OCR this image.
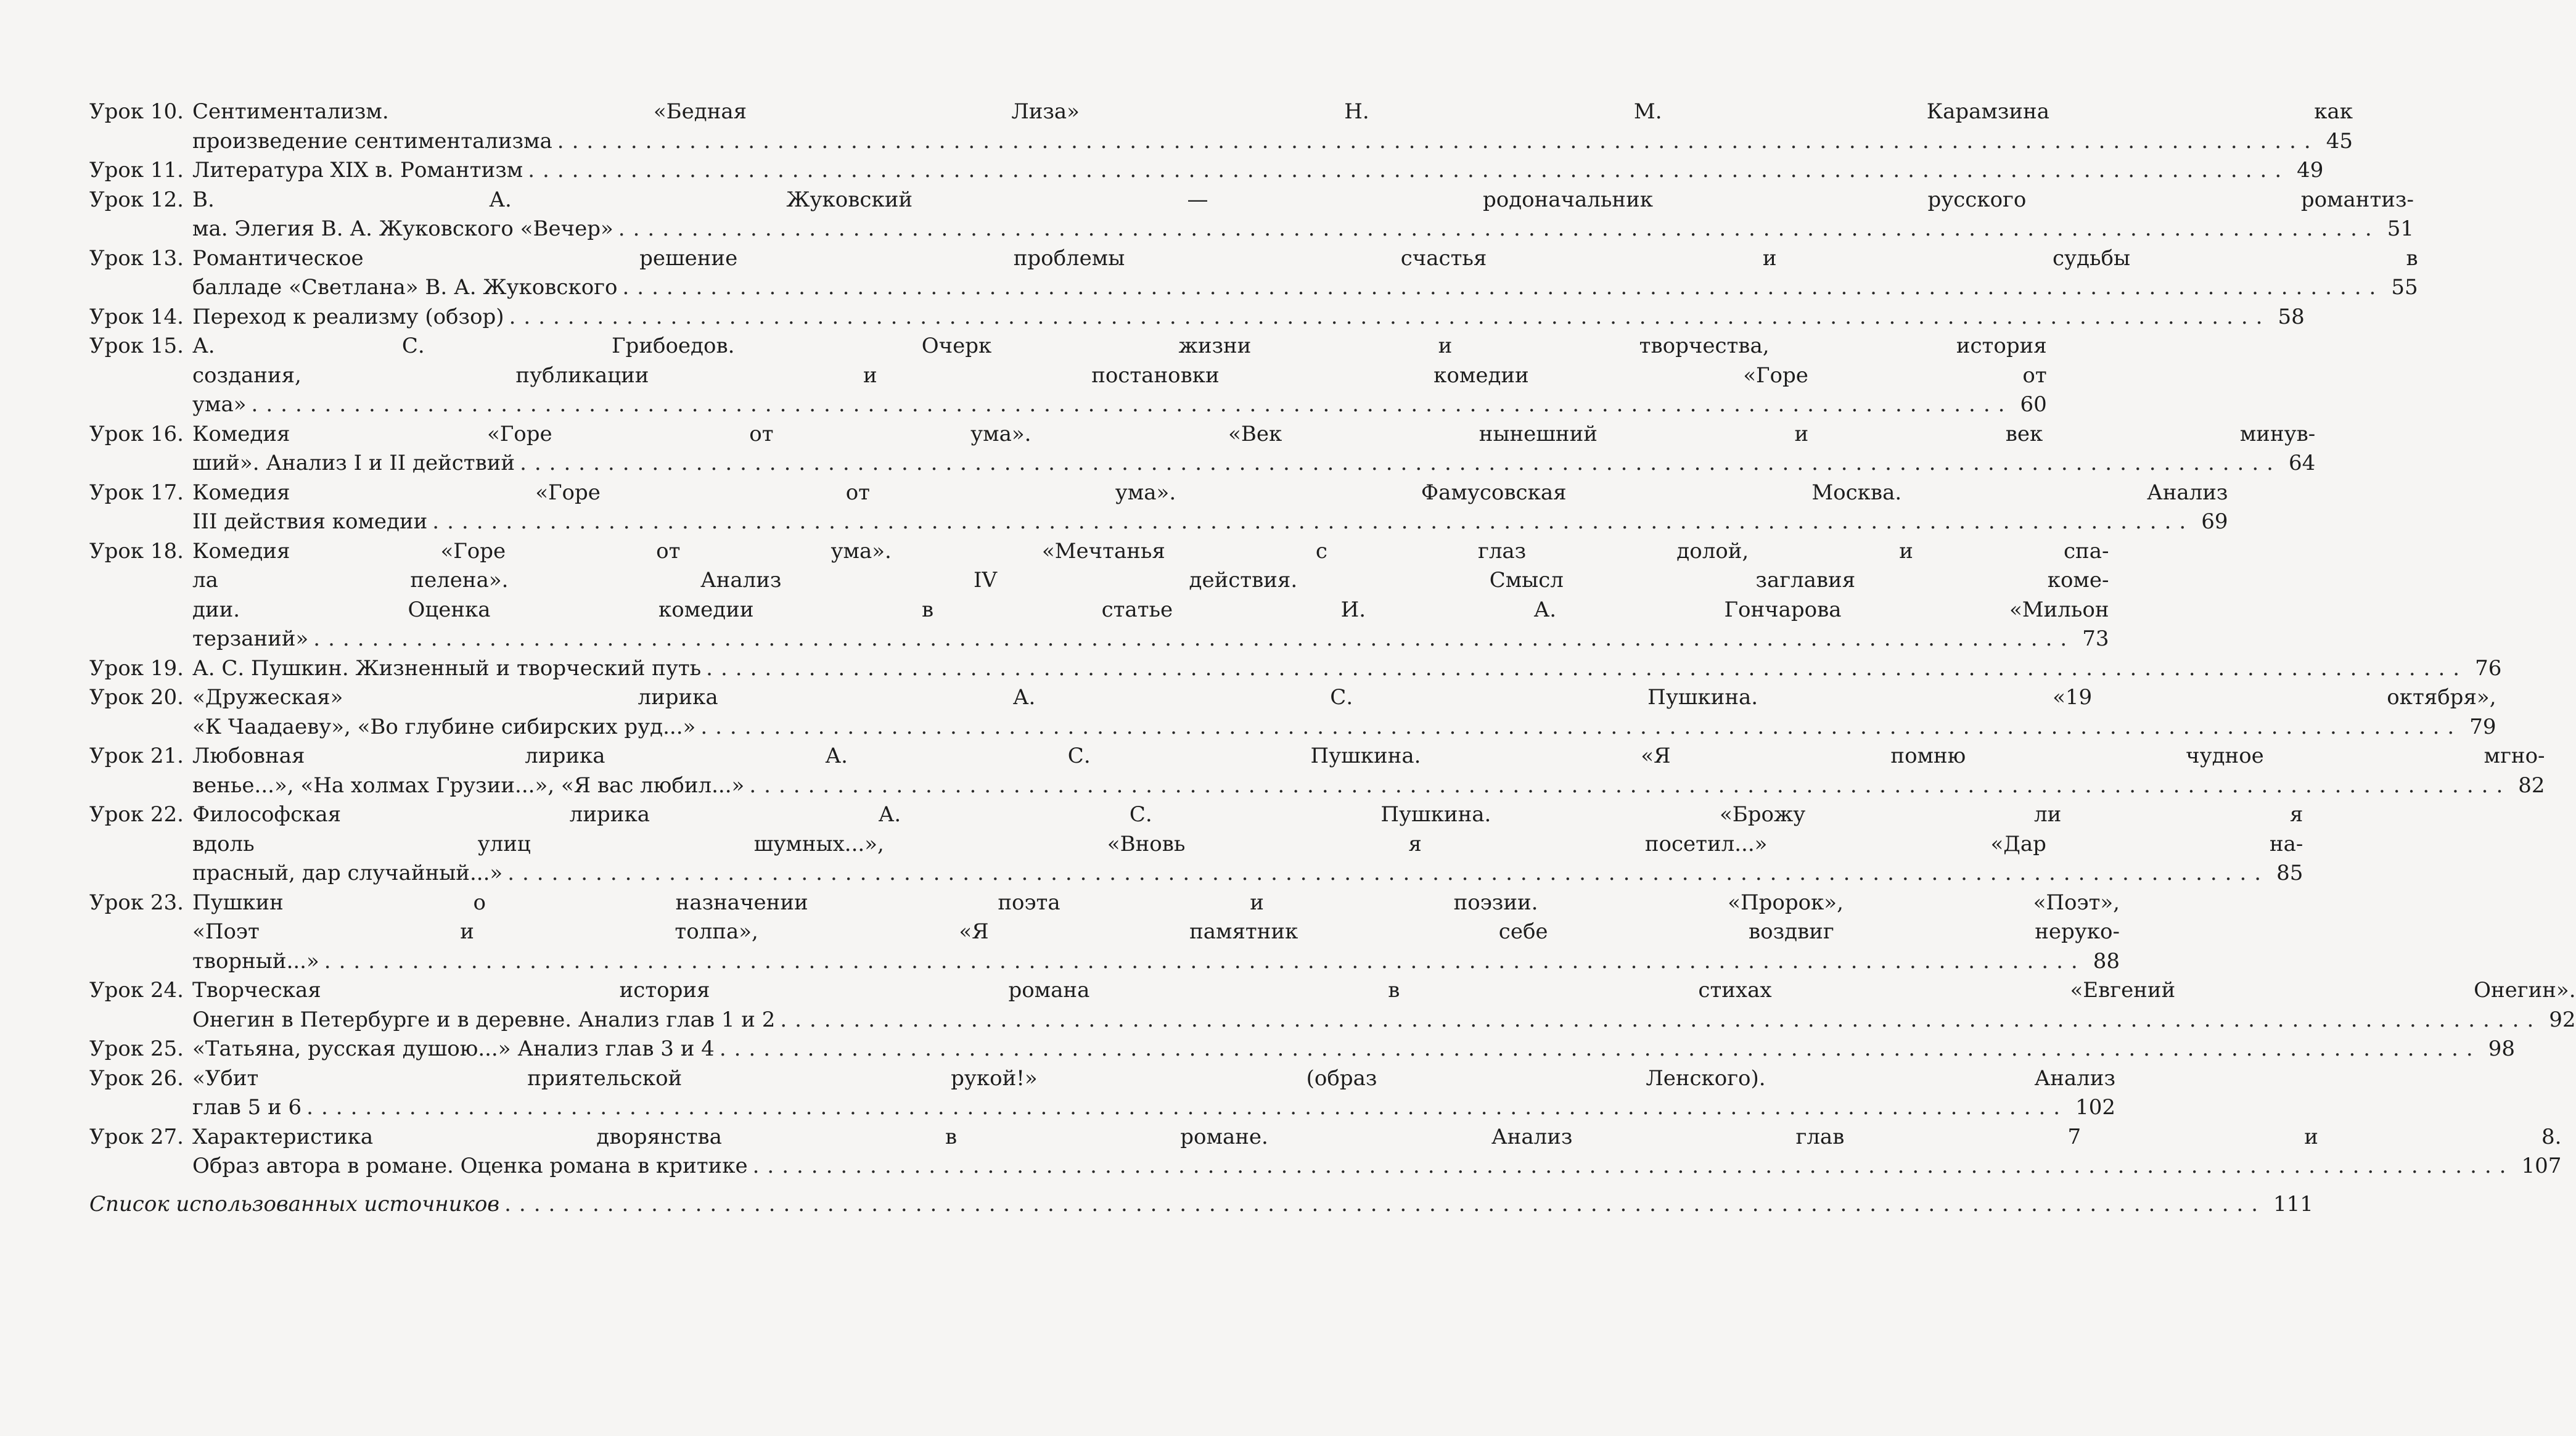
Урок 10. Сентиментализм. «Бедная Лиза» Н. М. Карамзина как
произведение сентиментализма ........................................................................................................................ 45
Урок 11. Литература XIX в. Романтизм ........................................................................................................................ 49
Урок 12. В. А. Жуковский — родоначальник русского романтиз-
ма. Элегия В. А. Жуковского «Вечер» ........................................................................................................................ 51
Урок 13. Романтическое решение проблемы счастья и судьбы в
балладе «Светлана» В. А. Жуковского ........................................................................................................................ 55
Урок 14. Переход к реализму (обзор) ........................................................................................................................ 58
Урок 15. А. С. Грибоедов. Очерк жизни и творчества, история
создания, публикации и постановки комедии «Горе от
ума» ........................................................................................................................ 60
Урок 16. Комедия «Горе от ума». «Век нынешний и век минув-
ший». Анализ I и II действий ........................................................................................................................ 64
Урок 17. Комедия «Горе от ума». Фамусовская Москва. Анализ
III действия комедии ........................................................................................................................ 69
Урок 18. Комедия «Горе от ума». «Мечтанья с глаз долой, и спа-
ла пелена». Анализ IV действия. Смысл заглавия коме-
дии. Оценка комедии в статье И. А. Гончарова «Мильон
терзаний» ........................................................................................................................ 73
Урок 19. А. С. Пушкин. Жизненный и творческий путь ........................................................................................................................ 76
Урок 20. «Дружеская» лирика А. С. Пушкина. «19 октября»,
«К Чаадаеву», «Во глубине сибирских руд...» ........................................................................................................................ 79
Урок 21. Любовная лирика А. С. Пушкина. «Я помню чудное мгно-
венье...», «На холмах Грузии...», «Я вас любил...» ........................................................................................................................ 82
Урок 22. Философская лирика А. С. Пушкина. «Брожу ли я
вдоль улиц шумных...», «Вновь я посетил...» «Дар на-
прасный, дар случайный...» ........................................................................................................................ 85
Урок 23. Пушкин о назначении поэта и поэзии. «Пророк», «Поэт»,
«Поэт и толпа», «Я памятник себе воздвиг неруко-
творный...» ........................................................................................................................ 88
Урок 24. Творческая история романа в стихах «Евгений Онегин».
Онегин в Петербурге и в деревне. Анализ глав 1 и 2 ........................................................................................................................ 92
Урок 25. «Татьяна, русская душою...» Анализ глав 3 и 4 ........................................................................................................................ 98
Урок 26. «Убит приятельской рукой!» (образ Ленского). Анализ
глав 5 и 6 ........................................................................................................................ 102
Урок 27. Характеристика дворянства в романе. Анализ глав 7 и 8.
Образ автора в романе. Оценка романа в критике ........................................................................................................................ 107
Список использованных источников ........................................................................................................................ 111
